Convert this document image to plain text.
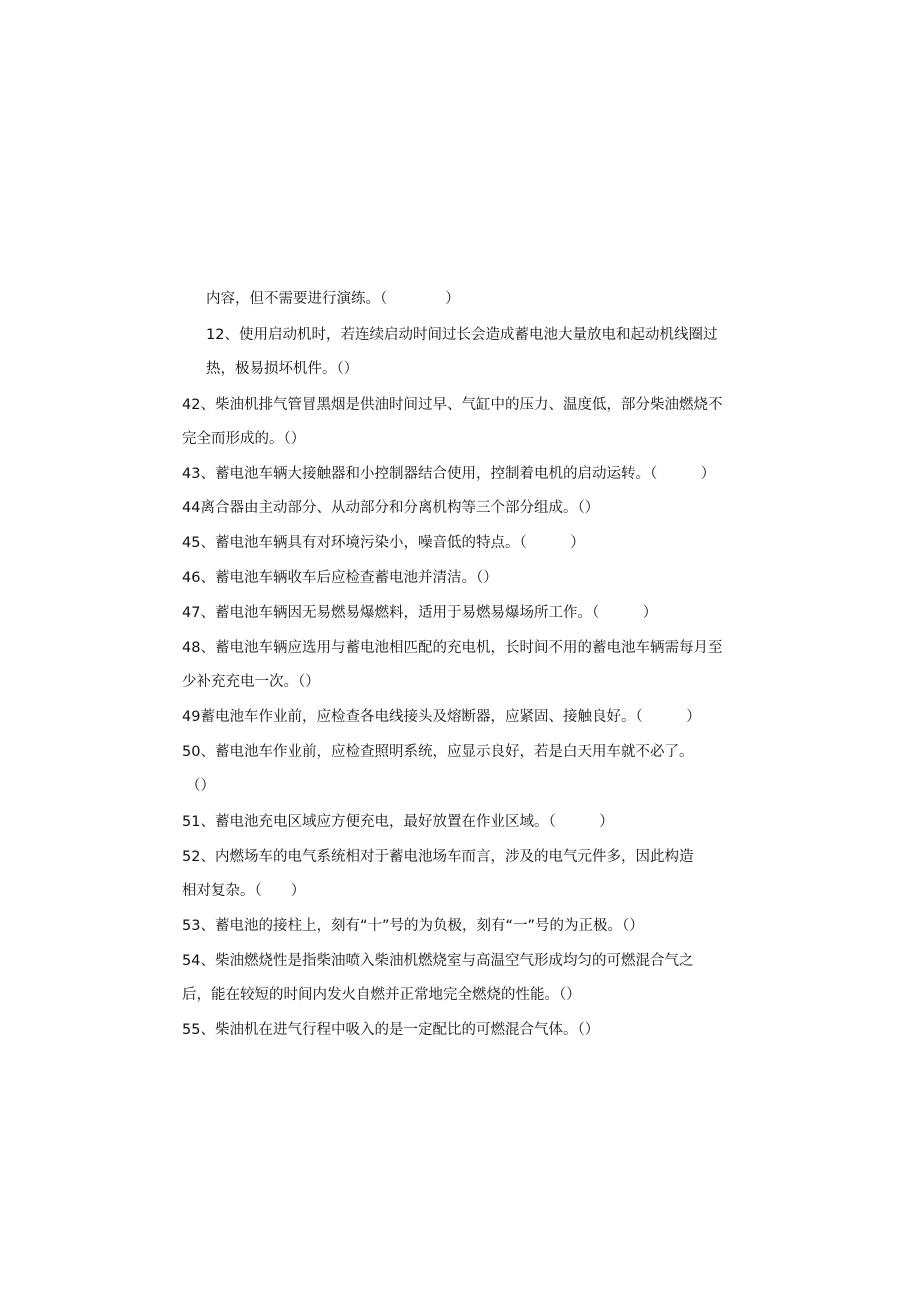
内容，但不需要进行演练。（　　　　）
12、使用启动机时，若连续启动时间过长会造成蓄电池大量放电和起动机线圈过
热，极易损坏机件。（）
42、柴油机排气管冒黑烟是供油时间过早、气缸中的压力、温度低，部分柴油燃烧不
完全而形成的。（）
43、蓄电池车辆大接触器和小控制器结合使用，控制着电机的启动运转。（　　　）
44离合器由主动部分、从动部分和分离机构等三个部分组成。（）
45、蓄电池车辆具有对环境污染小，噪音低的特点。（　　　）
46、蓄电池车辆收车后应检查蓄电池并清洁。（）
47、蓄电池车辆因无易燃易爆燃料，适用于易燃易爆场所工作。（　　　）
48、蓄电池车辆应选用与蓄电池相匹配的充电机，长时间不用的蓄电池车辆需每月至
少补充充电一次。（）
49蓄电池车作业前，应检查各电线接头及熔断器，应紧固、接触良好。（　　　）
50、蓄电池车作业前，应检查照明系统，应显示良好，若是白天用车就不必了。
（）
51、蓄电池充电区域应方便充电，最好放置在作业区域。（　　　）
52、内燃场车的电气系统相对于蓄电池场车而言，涉及的电气元件多，因此构造
相对复杂。（　　）
53、蓄电池的接柱上，刻有“十”号的为负极，刻有“一”号的为正极。（）
54、柴油燃烧性是指柴油喷入柴油机燃烧室与高温空气形成均匀的可燃混合气之
后，能在较短的时间内发火自燃并正常地完全燃烧的性能。（）
55、柴油机在进气行程中吸入的是一定配比的可燃混合气体。（）
